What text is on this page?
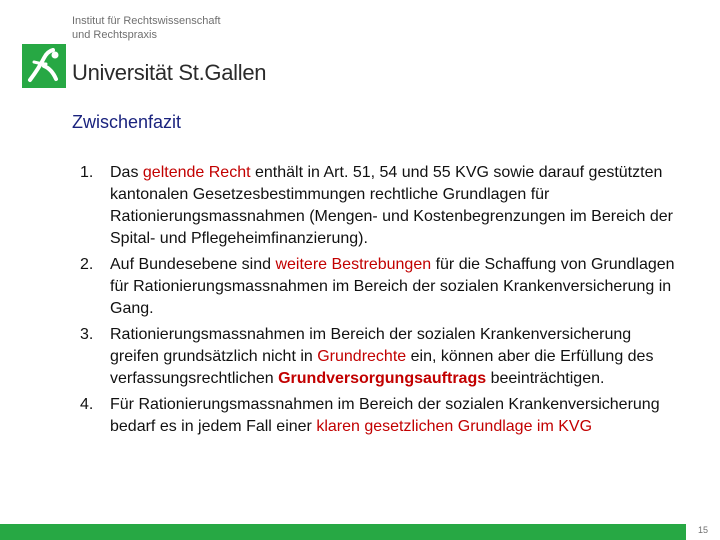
Institut für Rechtswissenschaft
und Rechtspraxis
Universität St.Gallen
Zwischenfazit
1. Das geltende Recht enthält in Art. 51, 54 und 55 KVG sowie darauf gestützten kantonalen Gesetzesbestimmungen rechtliche Grundlagen für Rationierungsmassnahmen (Mengen- und Kostenbegrenzungen im Bereich der Spital- und Pflegeheimfinanzierung).
2. Auf Bundesebene sind weitere Bestrebungen für die Schaffung von Grundlagen für Rationierungsmassnahmen im Bereich der sozialen Krankenversicherung in Gang.
3. Rationierungsmassnahmen im Bereich der sozialen Krankenversicherung greifen grundsätzlich nicht in Grundrechte ein, können aber die Erfüllung des verfassungsrechtlichen Grundversorgungsauftrags beeinträchtigen.
4. Für Rationierungsmassnahmen im Bereich der sozialen Krankenversicherung bedarf es in jedem Fall einer klaren gesetzlichen Grundlage im KVG
15
